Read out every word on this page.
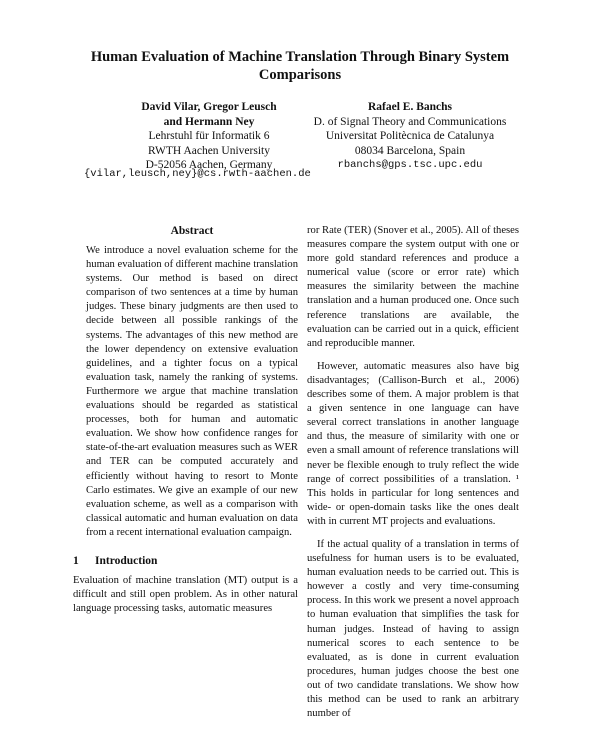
Human Evaluation of Machine Translation Through Binary System
Comparisons
David Vilar, Gregor Leusch
and Hermann Ney
Lehrstuhl für Informatik 6
RWTH Aachen University
D-52056 Aachen, Germany
Rafael E. Banchs
D. of Signal Theory and Communications
Universitat Politècnica de Catalunya
08034 Barcelona, Spain
rbanchs@gps.tsc.upc.edu
{vilar,leusch,ney}@cs.rwth-aachen.de
Abstract

We introduce a novel evaluation scheme for the human evaluation of different machine translation systems. Our method is based on direct comparison of two sentences at a time by human judges. These binary judgments are then used to decide between all possible rankings of the systems. The advantages of this new method are the lower dependency on extensive evaluation guidelines, and a tighter focus on a typical evaluation task, namely the ranking of systems. Furthermore we argue that machine translation evaluations should be regarded as statistical processes, both for human and automatic evaluation. We show how confidence ranges for state-of-the-art evaluation measures such as WER and TER can be computed accurately and efficiently without having to resort to Monte Carlo estimates. We give an example of our new evaluation scheme, as well as a comparison with classical automatic and human evaluation on data from a recent international evaluation campaign.

1 Introduction

Evaluation of machine translation (MT) output is a difficult and still open problem. As in other natural language processing tasks, automatic measures

ror Rate (TER) (Snover et al., 2005). All of theses measures compare the system output with one or more gold standard references and produce a numerical value (score or error rate) which measures the similarity between the machine translation and a human produced one. Once such reference translations are available, the evaluation can be carried out in a quick, efficient and reproducible manner.

However, automatic measures also have big disadvantages; (Callison-Burch et al., 2006) describes some of them. A major problem is that a given sentence in one language can have several correct translations in another language and thus, the measure of similarity with one or even a small amount of reference translations will never be flexible enough to truly reflect the wide range of correct possibilities of a translation. ¹ This holds in particular for long sentences and wide- or open-domain tasks like the ones dealt with in current MT projects and evaluations.

If the actual quality of a translation in terms of usefulness for human users is to be evaluated, human evaluation needs to be carried out. This is however a costly and very time-consuming process. In this work we present a novel approach to human evaluation that simplifies the task for human judges. Instead of having to assign numerical scores to each sentence to be evaluated, as is done in current evaluation procedures, human judges choose the best one out of two candidate translations. We show how this method can be used to rank an arbitrary number of
